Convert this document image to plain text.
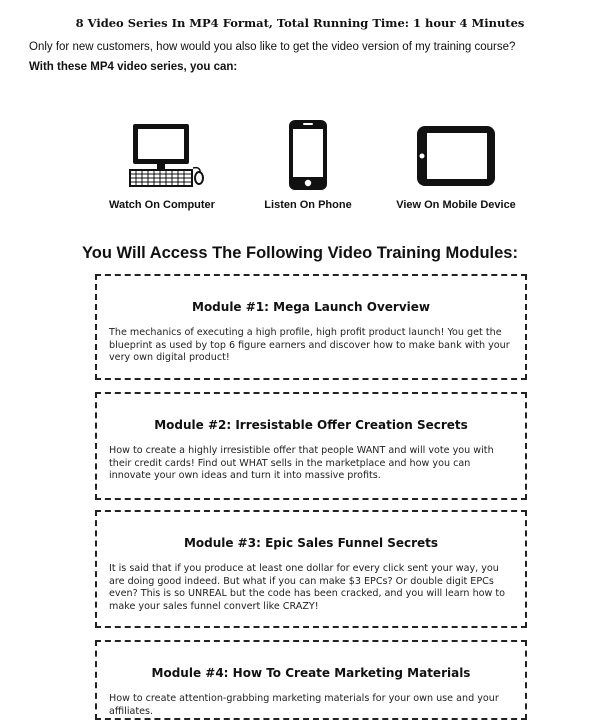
8 Video Series In MP4 Format, Total Running Time: 1 hour 4 Minutes
Only for new customers, how would you also like to get the video version of my training course?
With these MP4 video series, you can:
Watch On Computer	Listen On Phone	View On Mobile Device
You Will Access The Following Video Training Modules:
Module #1: Mega Launch Overview
The mechanics of executing a high profile, high profit product launch! You get the blueprint as used by top 6 figure earners and discover how to make bank with your very own digital product!
Module #2: Irresistable Offer Creation Secrets
How to create a highly irresistible offer that people WANT and will vote you with their credit cards! Find out WHAT sells in the marketplace and how you can innovate your own ideas and turn it into massive profits.
Module #3: Epic Sales Funnel Secrets
It is said that if you produce at least one dollar for every click sent your way, you are doing good indeed. But what if you can make $3 EPCs? Or double digit EPCs even? This is so UNREAL but the code has been cracked, and you will learn how to make your sales funnel convert like CRAZY!
Module #4: How To Create Marketing Materials
How to create attention-grabbing marketing materials for your own use and your affiliates.
